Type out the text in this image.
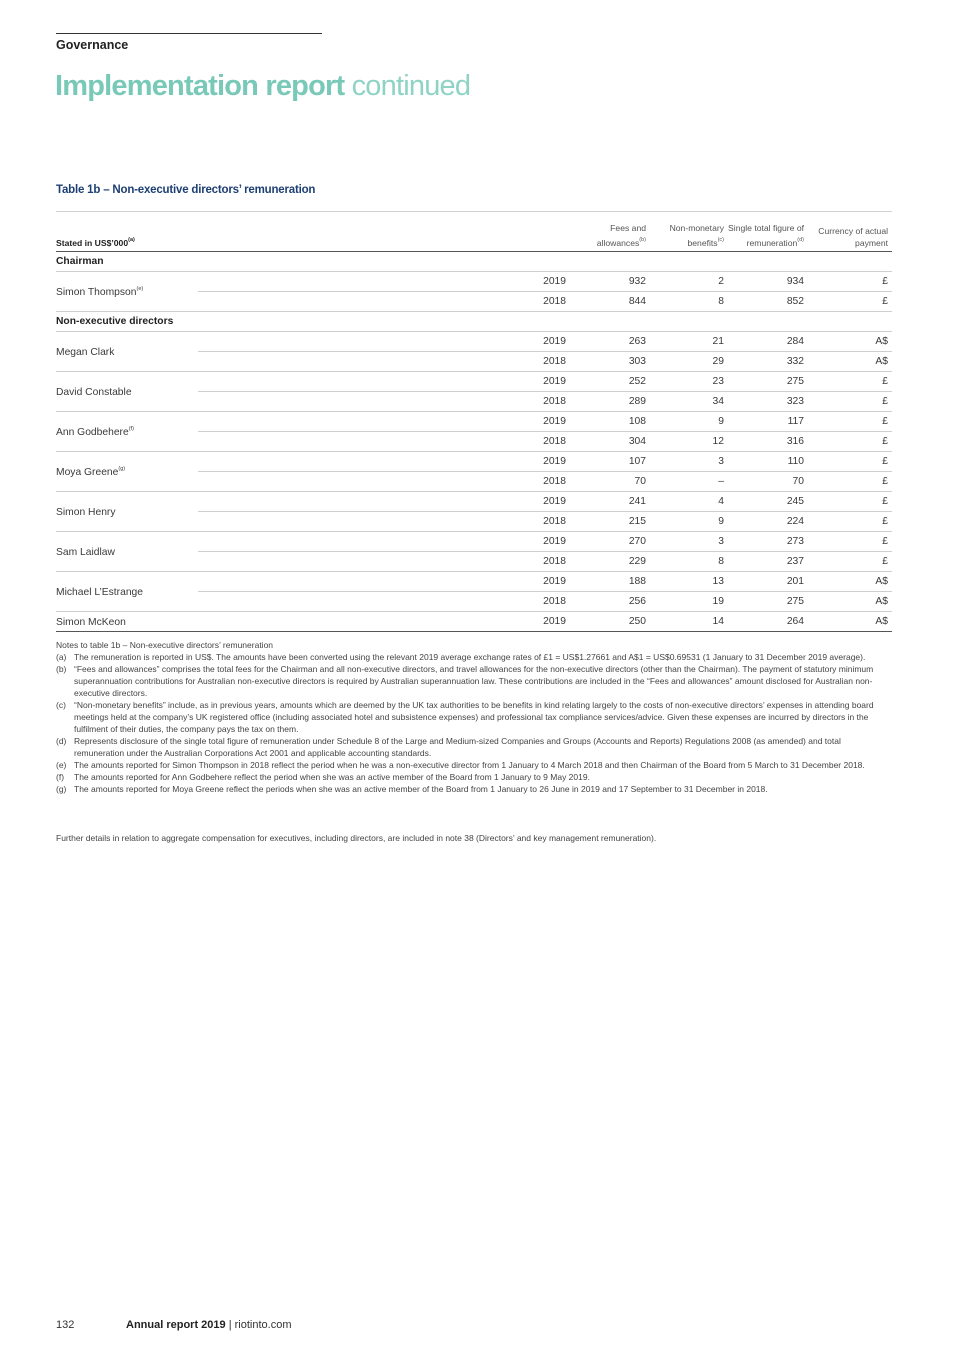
Governance
Implementation report continued
Table 1b – Non-executive directors’ remuneration
Stated in US$’000$^{(a)}$		Fees and allowances$^{(b)}$	Non-monetary benefits$^{(c)}$	Single total figure of remuneration$^{(d)}$	Currency of actual payment
Chairman					
Simon Thompson$^{(e)}$	2019	932	2	934	£
	2018	844	8	852	£
Non-executive directors					
Megan Clark	2019	263	21	284	A$
	2018	303	29	332	A$
David Constable	2019	252	23	275	£
	2018	289	34	323	£
Ann Godbehere$^{(f)}$	2019	108	9	117	£
	2018	304	12	316	£
Moya Greene$^{(g)}$	2019	107	3	110	£
	2018	70	–	70	£
Simon Henry	2019	241	4	245	£
	2018	215	9	224	£
Sam Laidlaw	2019	270	3	273	£
	2018	229	8	237	£
Michael L’Estrange	2019	188	13	201	A$
	2018	256	19	275	A$
Simon McKeon	2019	250	14	264	A$
Notes to table 1b – Non-executive directors’ remuneration
(a) The remuneration is reported in US$. The amounts have been converted using the relevant 2019 average exchange rates of £1 = US$1.27661 and A$1 = US$0.69531 (1 January to 31 December 2019 average).
(b) “Fees and allowances” comprises the total fees for the Chairman and all non-executive directors, and travel allowances for the non-executive directors (other than the Chairman). The payment of statutory minimum superannuation contributions for Australian non-executive directors is required by Australian superannuation law. These contributions are included in the “Fees and allowances” amount disclosed for Australian non-executive directors.
(c) “Non-monetary benefits” include, as in previous years, amounts which are deemed by the UK tax authorities to be benefits in kind relating largely to the costs of non-executive directors’ expenses in attending board meetings held at the company’s UK registered office (including associated hotel and subsistence expenses) and professional tax compliance services/advice. Given these expenses are incurred by directors in the fulfilment of their duties, the company pays the tax on them.
(d) Represents disclosure of the single total figure of remuneration under Schedule 8 of the Large and Medium-sized Companies and Groups (Accounts and Reports) Regulations 2008 (as amended) and total remuneration under the Australian Corporations Act 2001 and applicable accounting standards.
(e) The amounts reported for Simon Thompson in 2018 reflect the period when he was a non-executive director from 1 January to 4 March 2018 and then Chairman of the Board from 5 March to 31 December 2018.
(f)	The amounts reported for Ann Godbehere reflect the period when she was an active member of the Board from 1 January to 9 May 2019.
(g) The amounts reported for Moya Greene reflect the periods when she was an active member of the Board from 1 January to 26 June in 2019 and 17 September to 31 December in 2018.
Further details in relation to aggregate compensation for executives, including directors, are included in note 38 (Directors’ and key management remuneration).
132	Annual report 2019 | riotinto.com
